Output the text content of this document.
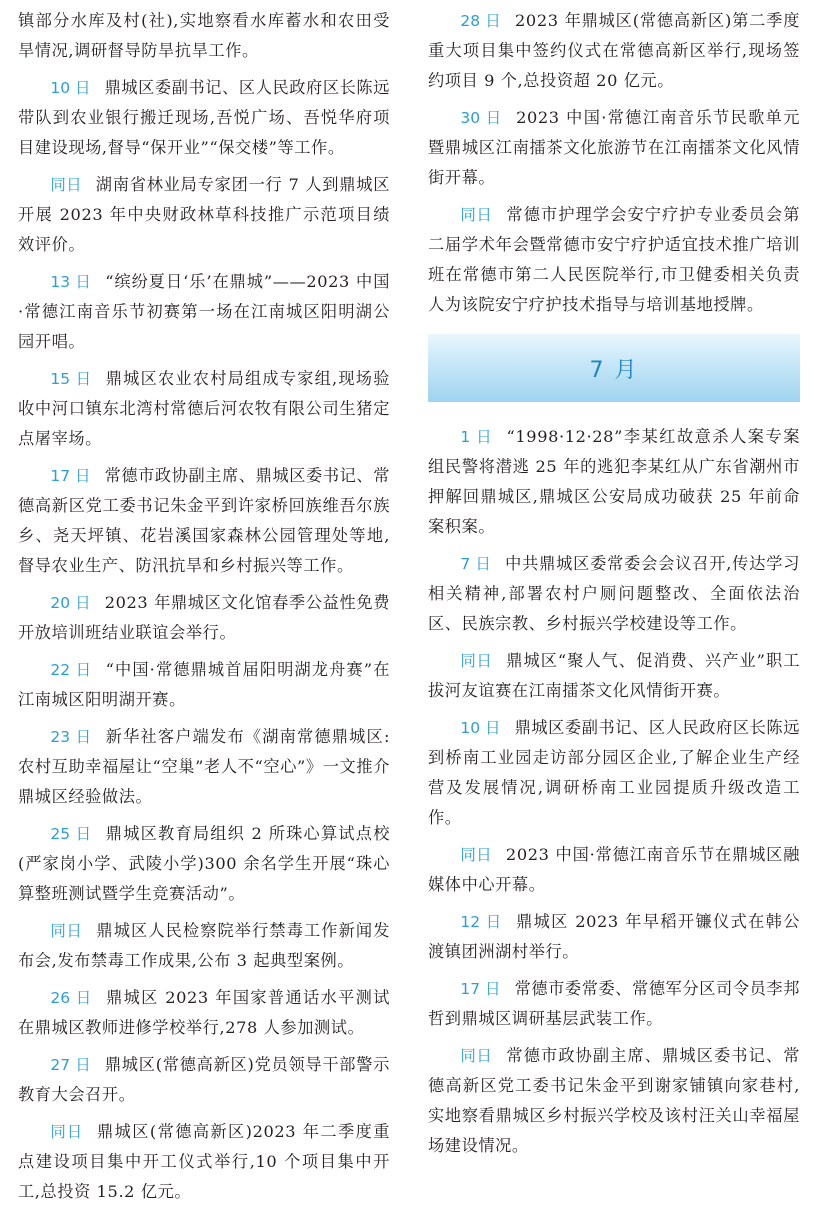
镇部分水库及村(社),实地察看水库蓄水和农田受旱情况,调研督导防旱抗旱工作。

10 日 鼎城区委副书记、区人民政府区长陈远带队到农业银行搬迁现场,吾悦广场、吾悦华府项目建设现场,督导“保开业”“保交楼”等工作。

同日 湖南省林业局专家团一行 7 人到鼎城区开展 2023 年中央财政林草科技推广示范项目绩效评价。

13 日 “缤纷夏日‘乐’在鼎城”——2023 中国·常德江南音乐节初赛第一场在江南城区阳明湖公园开唱。

15 日 鼎城区农业农村局组成专家组,现场验收中河口镇东北湾村常德后河农牧有限公司生猪定点屠宰场。

17 日 常德市政协副主席、鼎城区委书记、常德高新区党工委书记朱金平到许家桥回族维吾尔族乡、尧天坪镇、花岩溪国家森林公园管理处等地,督导农业生产、防汛抗旱和乡村振兴等工作。

20 日 2023 年鼎城区文化馆春季公益性免费开放培训班结业联谊会举行。

22 日 “中国·常德鼎城首届阳明湖龙舟赛”在江南城区阳明湖开赛。

23 日 新华社客户端发布《湖南常德鼎城区:农村互助幸福屋让“空巢”老人不“空心”》一文推介鼎城区经验做法。

25 日 鼎城区教育局组织 2 所珠心算试点校(严家岗小学、武陵小学)300 余名学生开展“珠心算整班测试暨学生竞赛活动”。

同日 鼎城区人民检察院举行禁毒工作新闻发布会,发布禁毒工作成果,公布 3 起典型案例。

26 日 鼎城区 2023 年国家普通话水平测试在鼎城区教师进修学校举行,278 人参加测试。

27 日 鼎城区(常德高新区)党员领导干部警示教育大会召开。

同日 鼎城区(常德高新区)2023 年二季度重点建设项目集中开工仪式举行,10 个项目集中开工,总投资 15.2 亿元。

28 日 2023 年鼎城区(常德高新区)第二季度重大项目集中签约仪式在常德高新区举行,现场签约项目 9 个,总投资超 20 亿元。

30 日 2023 中国·常德江南音乐节民歌单元暨鼎城区江南擂茶文化旅游节在江南擂茶文化风情街开幕。

同日 常德市护理学会安宁疗护专业委员会第二届学术年会暨常德市安宁疗护适宜技术推广培训班在常德市第二人民医院举行,市卫健委相关负责人为该院安宁疗护技术指导与培训基地授牌。

7 月

1 日 “1998·12·28”李某红故意杀人案专案组民警将潜逃 25 年的逃犯李某红从广东省潮州市押解回鼎城区,鼎城区公安局成功破获 25 年前命案积案。

7 日 中共鼎城区委常委会会议召开,传达学习相关精神,部署农村户厕问题整改、全面依法治区、民族宗教、乡村振兴学校建设等工作。

同日 鼎城区“聚人气、促消费、兴产业”职工拔河友谊赛在江南擂茶文化风情街开赛。

10 日 鼎城区委副书记、区人民政府区长陈远到桥南工业园走访部分园区企业,了解企业生产经营及发展情况,调研桥南工业园提质升级改造工作。

同日 2023 中国·常德江南音乐节在鼎城区融媒体中心开幕。

12 日 鼎城区 2023 年早稻开镰仪式在韩公渡镇团洲湖村举行。

17 日 常德市委常委、常德军分区司令员李邦哲到鼎城区调研基层武装工作。

同日 常德市政协副主席、鼎城区委书记、常德高新区党工委书记朱金平到谢家铺镇向家巷村,实地察看鼎城区乡村振兴学校及该村汪关山幸福屋场建设情况。
